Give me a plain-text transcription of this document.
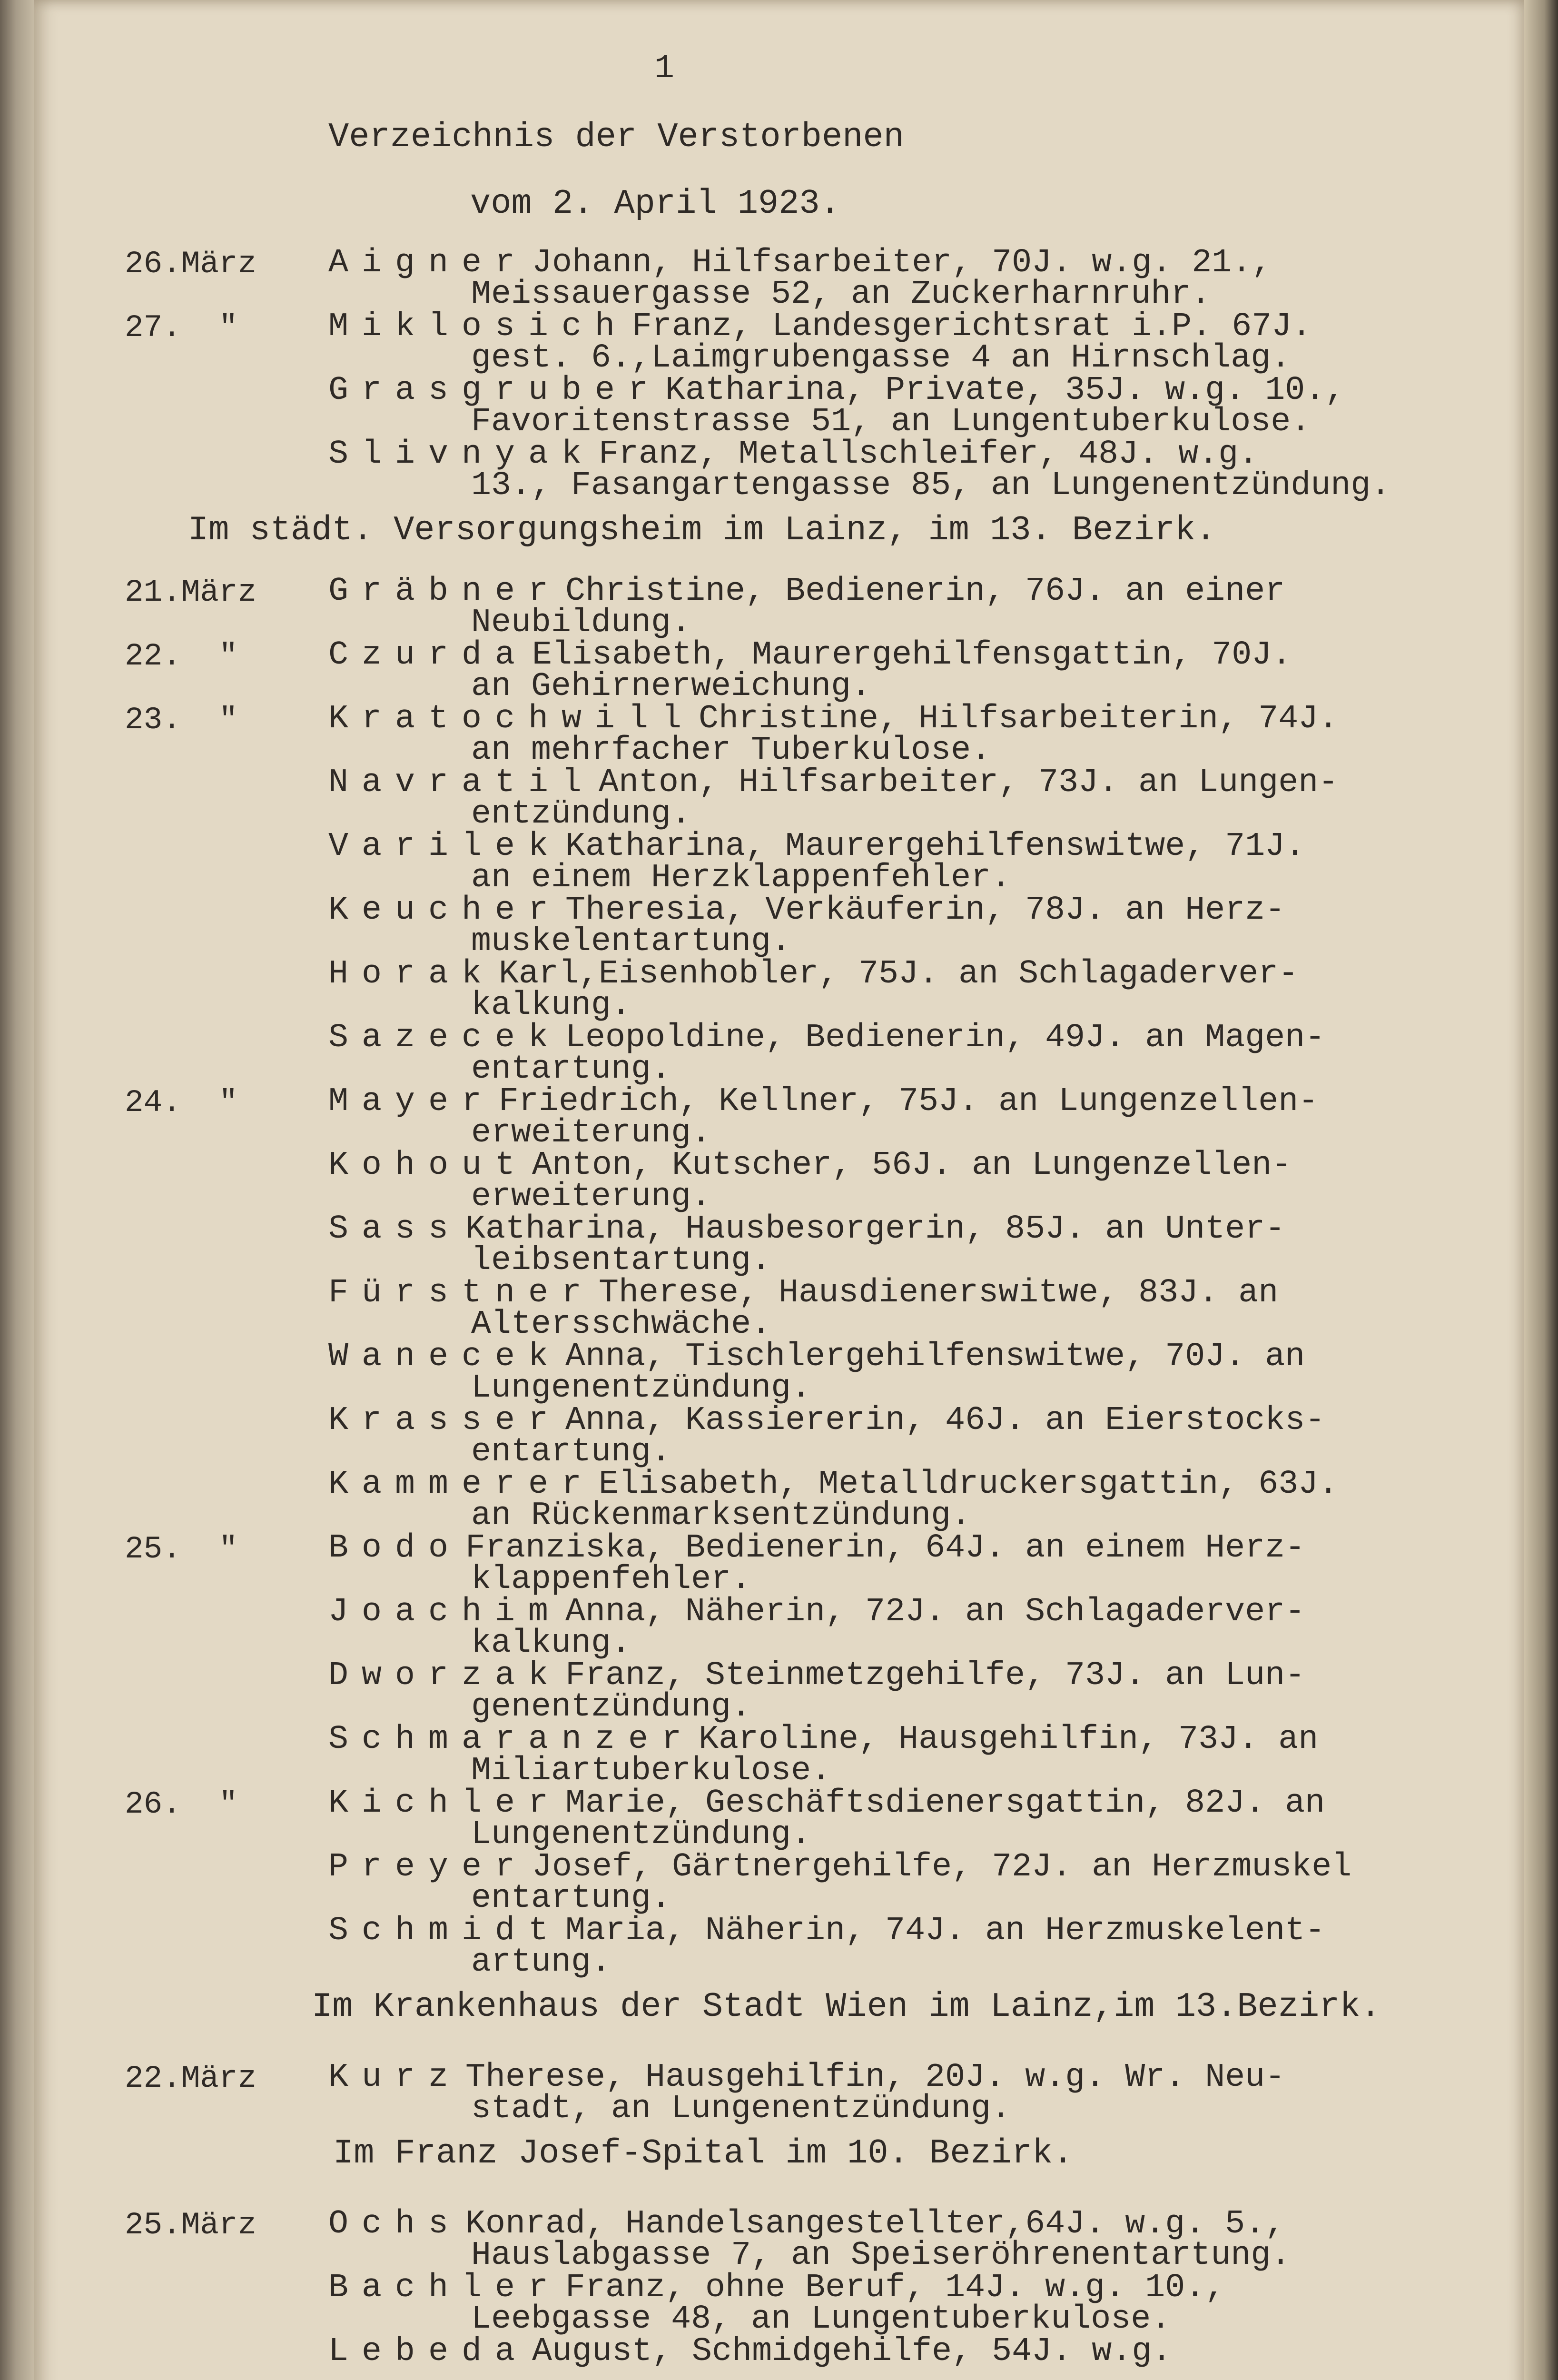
1
Verzeichnis der Verstorbenen
vom 2. April 1923.
26.März Aigner Johann, Hilfsarbeiter, 70J. w.g. 21.,
Meissauergasse 52, an Zuckerharnruhr.
27.  "	Miklosich Franz, Landesgerichtsrat i.P. 67J.
gest. 6.,Laimgrubengasse 4 an Hirnschlag.
Grasgruber Katharina, Private, 35J. w.g. 10.,
Favoritenstrasse 51, an Lungentuberkulose.
Slivnyak Franz, Metallschleifer, 48J. w.g.
13., Fasangartengasse 85, an Lungenentzündung.
Im städt. Versorgungsheim im Lainz, im 13. Bezirk.
21.März Gräbner Christine, Bedienerin, 76J. an einer
Neubildung.
22.  "	Czurda Elisabeth, Maurergehilfensgattin, 70J.
an Gehirnerweichung.
23.  "	Kratochwill Christine, Hilfsarbeiterin, 74J.
an mehrfacher Tuberkulose.
Navratil Anton, Hilfsarbeiter, 73J. an Lungen-
entzündung.
Varilek Katharina, Maurergehilfenswitwe, 71J.
an einem Herzklappenfehler.
Keucher Theresia, Verkäuferin, 78J. an Herz-
muskelentartung.
Horak Karl,Eisenhobler, 75J. an Schlagaderver-
kalkung.
Sazecek Leopoldine, Bedienerin, 49J. an Magen-
entartung.
24.  "	Mayer Friedrich, Kellner, 75J. an Lungenzellen-
erweiterung.
Kohout Anton, Kutscher, 56J. an Lungenzellen-
erweiterung.
Sass Katharina, Hausbesorgerin, 85J. an Unter-
leibsentartung.
Fürstner Therese, Hausdienerswitwe, 83J. an
Altersschwäche.
Wanecek Anna, Tischlergehilfenswitwe, 70J. an
Lungenentzündung.
Krasser Anna, Kassiererin, 46J. an Eierstocks-
entartung.
Kammerer Elisabeth, Metalldruckersgattin, 63J.
an Rückenmarksentzündung.
25.  "	Bodo Franziska, Bedienerin, 64J. an einem Herz-
klappenfehler.
Joachim Anna, Näherin, 72J. an Schlagaderver-
kalkung.
Dworzak Franz, Steinmetzgehilfe, 73J. an Lun-
genentzündung.
Schmaranzer Karoline, Hausgehilfin, 73J. an
Miliartuberkulose.
26.  "	Kichler Marie, Geschäftsdienersgattin, 82J. an
Lungenentzündung.
Preyer Josef, Gärtnergehilfe, 72J. an Herzmuskel
entartung.
Schmidt Maria, Näherin, 74J. an Herzmuskelent-
artung.
Im Krankenhaus der Stadt Wien im Lainz,im 13.Bezirk.
22.März Kurz Therese, Hausgehilfin, 20J. w.g. Wr. Neu-
stadt, an Lungenentzündung.
Im Franz Josef-Spital im 10. Bezirk.
25.März Ochs Konrad, Handelsangestellter,64J. w.g. 5.,
Hauslabgasse 7, an Speiseröhrenentartung.
Bachler Franz, ohne Beruf, 14J. w.g. 10.,
Leebgasse 48, an Lungentuberkulose.
Lebeda August, Schmidgehilfe, 54J. w.g.
